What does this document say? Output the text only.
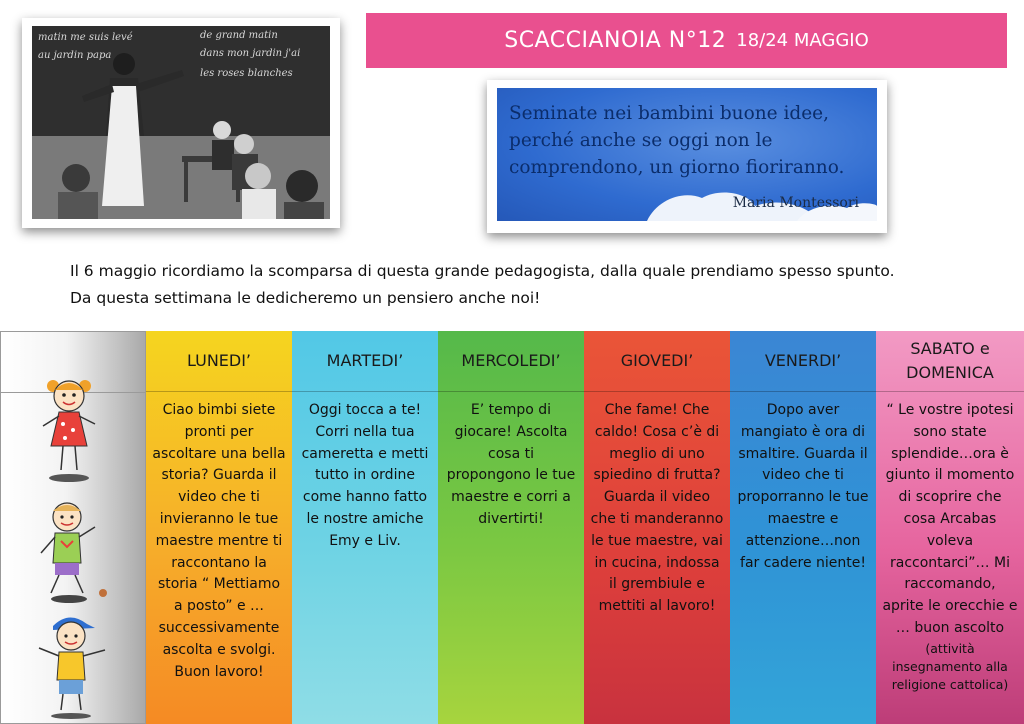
matin me suis levé	de grand matin
au jardin papa	dans mon jardin j'ai
les roses blanches
SCACCIANOIA N°12 18/24 MAGGIO
Seminate nei bambini buone idee, perché anche se oggi non le comprendono, un giorno fioriranno.
Maria Montessori
Il 6 maggio ricordiamo la scomparsa di questa grande pedagogista, dalla quale prendiamo spesso spunto.
Da questa settimana le dedicheremo un pensiero anche noi!
LUNEDI’
Ciao bimbi siete pronti per ascoltare una bella storia? Guarda il video che ti invieranno le tue maestre mentre ti raccontano la storia “ Mettiamo a posto” e … successivamente ascolta e svolgi. Buon lavoro!
MARTEDI’
Oggi tocca a te! Corri nella tua cameretta e metti tutto in ordine come hanno fatto le nostre amiche Emy e Liv.
MERCOLEDI’
E’ tempo di giocare! Ascolta cosa ti propongono le tue maestre e corri a divertirti!
GIOVEDI’
Che fame! Che caldo! Cosa c’è di meglio di uno spiedino di frutta? Guarda il video che ti manderanno le tue maestre, vai in cucina, indossa il grembiule e mettiti al lavoro!
VENERDI’
Dopo aver mangiato è ora di smaltire. Guarda il video che ti proporranno le tue maestre e attenzione…non far cadere niente!
SABATO e DOMENICA
“ Le vostre ipotesi sono state splendide…ora è giunto il momento di scoprire che cosa Arcabas voleva raccontarci”… Mi raccomando, aprite le orecchie e … buon ascolto
(attività insegnamento alla religione cattolica)
